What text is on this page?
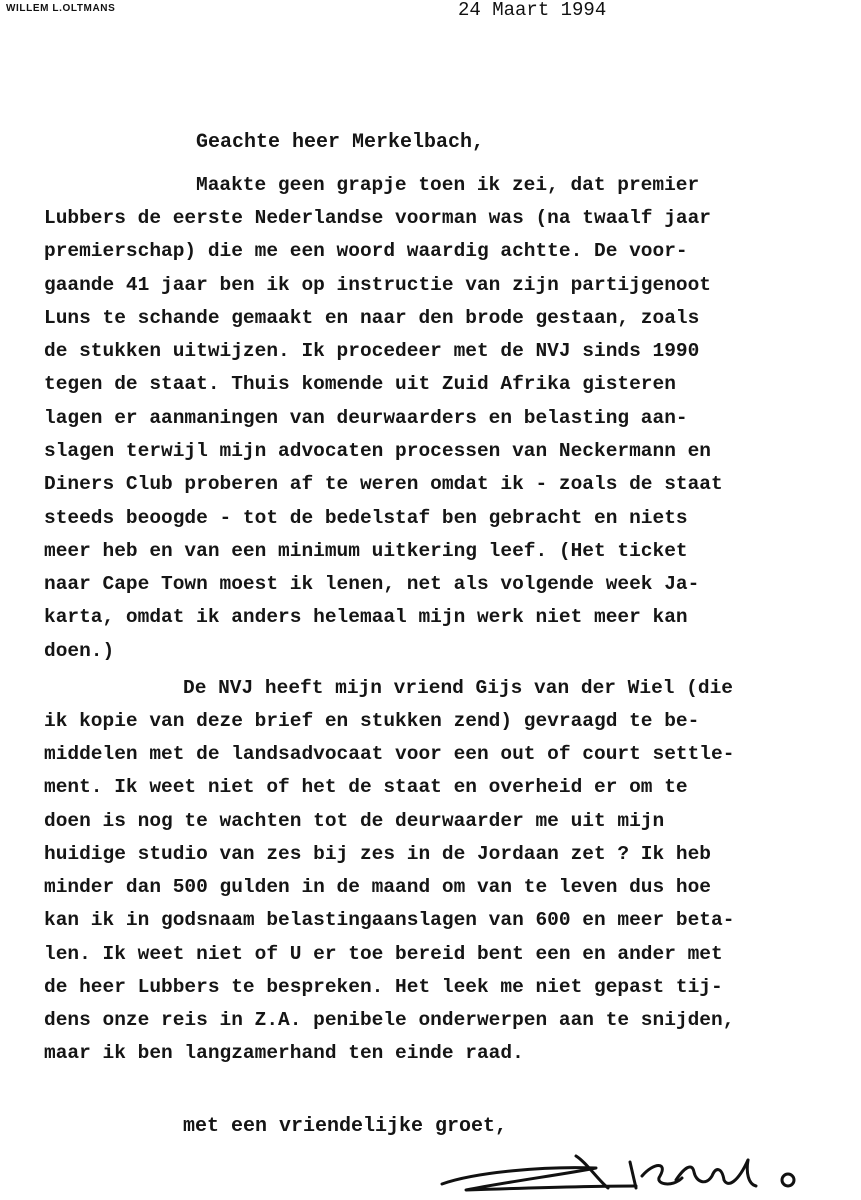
WILLEM L.OLTMANS	24 Maart 1994
Geachte heer Merkelbach,
Maakte geen grapje toen ik zei, dat premier
Lubbers de eerste Nederlandse voorman was (na twaalf jaar
premierschap) die me een woord waardig achtte. De voor-
gaande 41 jaar ben ik op instructie van zijn partijgenoot
Luns te schande gemaakt en naar den brode gestaan, zoals
de stukken uitwijzen. Ik procedeer met de NVJ sinds 1990
tegen de staat. Thuis komende uit Zuid Afrika gisteren
lagen er aanmaningen van deurwaarders en belasting aan-
slagen terwijl mijn advocaten processen van Neckermann en
Diners Club proberen af te weren omdat ik - zoals de staat
steeds beoogde - tot de bedelstaf ben gebracht en niets
meer heb en van een minimum uitkering leef. (Het ticket
naar Cape Town moest ik lenen, net als volgende week Ja-
karta, omdat ik anders helemaal mijn werk niet meer kan
doen.)
De NVJ heeft mijn vriend Gijs van der Wiel (die
ik kopie van deze brief en stukken zend) gevraagd te be-
middelen met de landsadvocaat voor een out of court settle-
ment. Ik weet niet of het de staat en overheid er om te
doen is nog te wachten tot de deurwaarder me uit mijn
huidige studio van zes bij zes in de Jordaan zet ? Ik heb
minder dan 500 gulden in de maand om van te leven dus hoe
kan ik in godsnaam belastingaanslagen van 600 en meer beta-
len. Ik weet niet of U er toe bereid bent een en ander met
de heer Lubbers te bespreken. Het leek me niet gepast tij-
dens onze reis in Z.A. penibele onderwerpen aan te snijden,
maar ik ben langzamerhand ten einde raad.
met een vriendelijke groet,
